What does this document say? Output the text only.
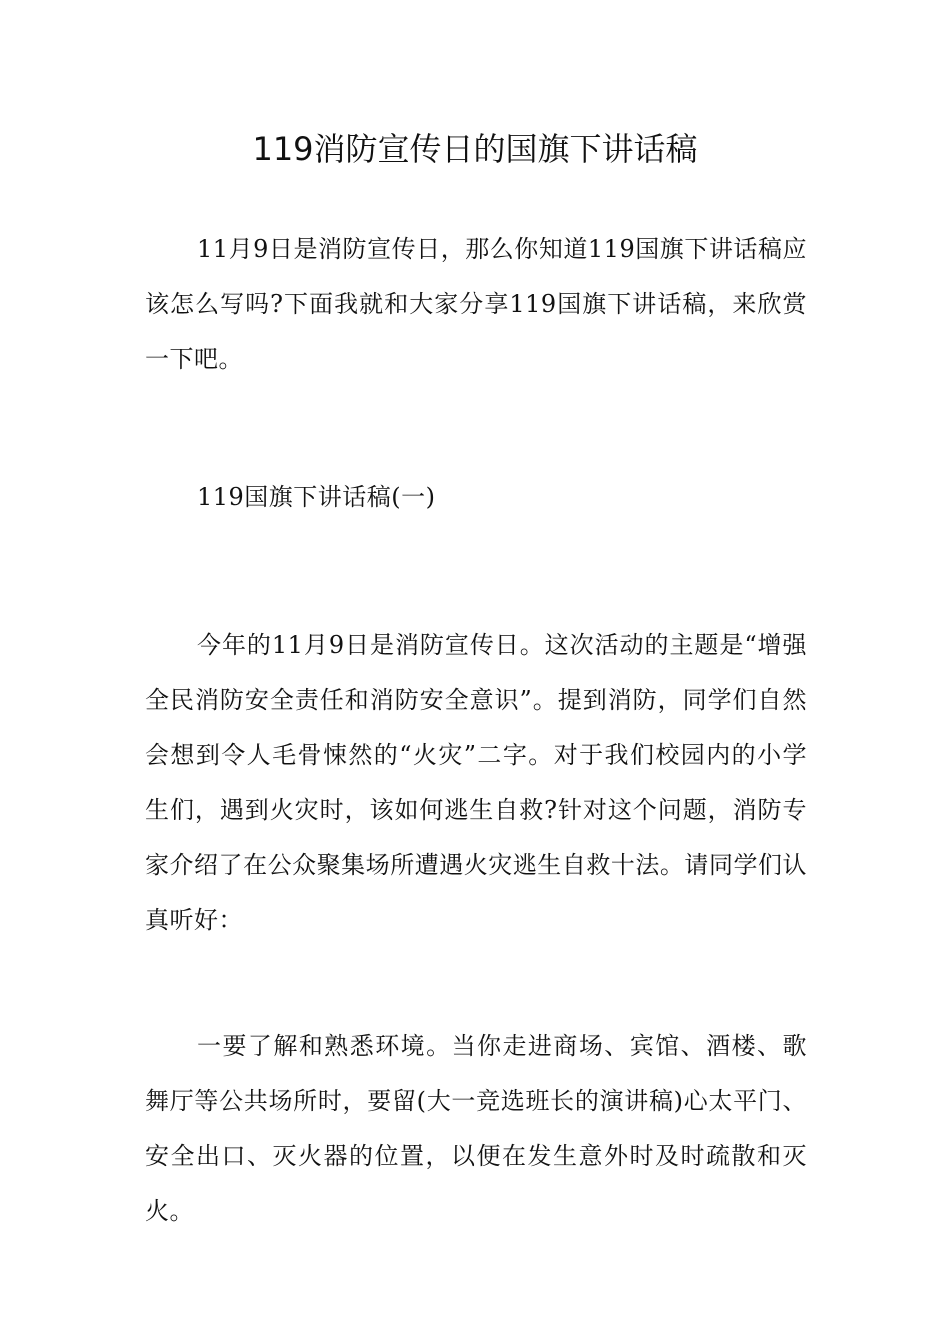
119消防宣传日的国旗下讲话稿

11月9日是消防宣传日，那么你知道119国旗下讲话稿应该怎么写吗?下面我就和大家分享119国旗下讲话稿，来欣赏一下吧。

119国旗下讲话稿(一)

今年的11月9日是消防宣传日。这次活动的主题是“增强全民消防安全责任和消防安全意识”。提到消防，同学们自然会想到令人毛骨悚然的“火灾”二字。对于我们校园内的小学生们，遇到火灾时，该如何逃生自救?针对这个问题，消防专家介绍了在公众聚集场所遭遇火灾逃生自救十法。请同学们认真听好：

一要了解和熟悉环境。当你走进商场、宾馆、酒楼、歌舞厅等公共场所时，要留(大一竞选班长的演讲稿)心太平门、安全出口、灭火器的位置，以便在发生意外时及时疏散和灭火。
